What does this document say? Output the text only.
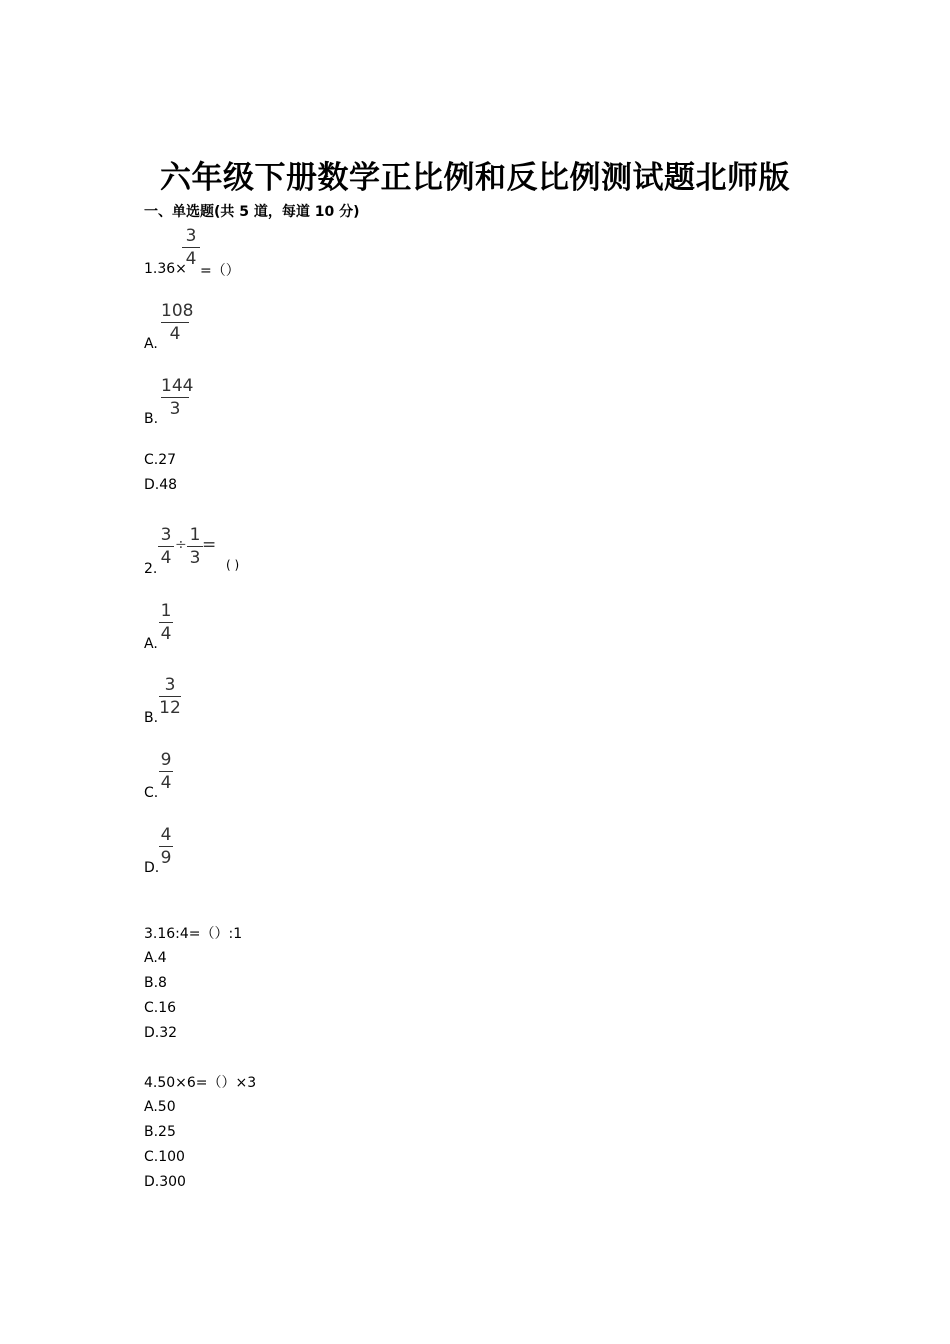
六年级下册数学正比例和反比例测试题北师版
一、单选题(共 5 道，每道 10 分)
3
4
1.36× =（）
108
4
A.
144
3
B.
C.27
D.48
2.
3
4
÷ 1
3
=
( )
1
4
A.
3
12
B.
9
4
C.
4
9
D.
3.16:4=（）:1
A.4
B.8
C.16
D.32
4.50×6=（）×3
A.50
B.25
C.100
D.300
